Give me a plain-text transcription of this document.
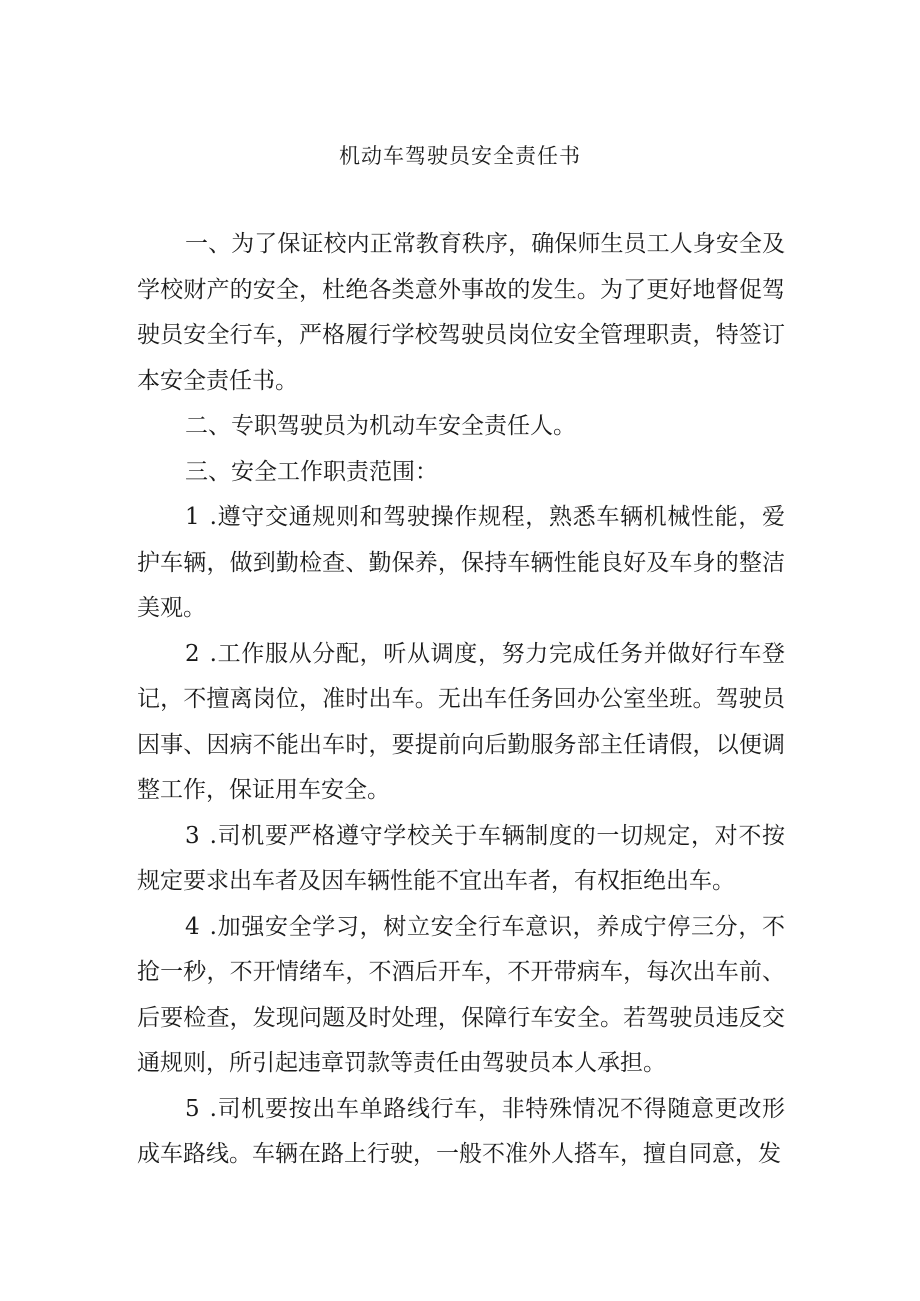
机动车驾驶员安全责任书

一、为了保证校内正常教育秩序，确保师生员工人身安全及学校财产的安全，杜绝各类意外事故的发生。为了更好地督促驾驶员安全行车，严格履行学校驾驶员岗位安全管理职责，特签订本安全责任书。

二、专职驾驶员为机动车安全责任人。

三、安全工作职责范围：

1 .遵守交通规则和驾驶操作规程，熟悉车辆机械性能，爱护车辆，做到勤检查、勤保养，保持车辆性能良好及车身的整洁美观。

2 .工作服从分配，听从调度，努力完成任务并做好行车登记，不擅离岗位，准时出车。无出车任务回办公室坐班。驾驶员因事、因病不能出车时，要提前向后勤服务部主任请假，以便调整工作，保证用车安全。

3 .司机要严格遵守学校关于车辆制度的一切规定，对不按规定要求出车者及因车辆性能不宜出车者，有权拒绝出车。

4 .加强安全学习，树立安全行车意识，养成宁停三分，不抢一秒，不开情绪车，不酒后开车，不开带病车，每次出车前、后要检查，发现问题及时处理，保障行车安全。若驾驶员违反交通规则，所引起违章罚款等责任由驾驶员本人承担。

5 .司机要按出车单路线行车，非特殊情况不得随意更改形成车路线。车辆在路上行驶，一般不准外人搭车，擅自同意，发
